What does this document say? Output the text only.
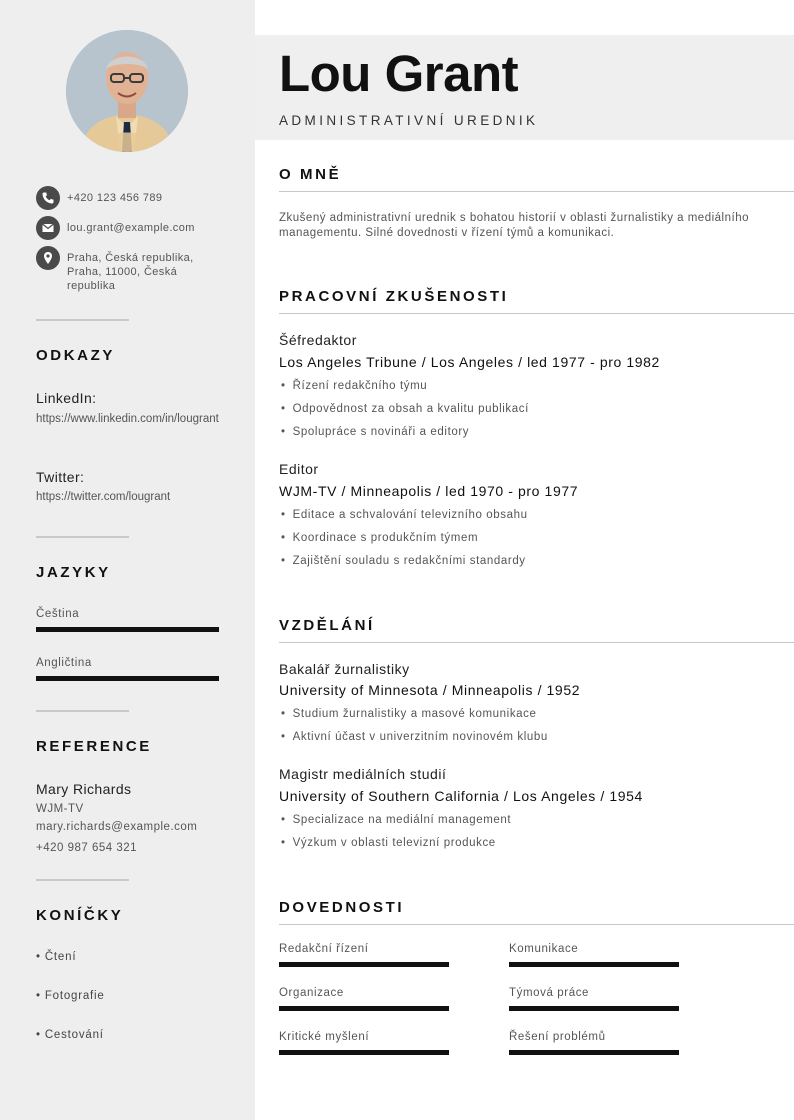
+420 123 456 789
lou.grant@example.com
Praha, Česká republika, Praha, 11000, Česká republika
ODKAZY
LinkedIn:
https://www.linkedin.com/in/lougrant
Twitter:
https://twitter.com/lougrant
JAZYKY
Čeština
Angličtina
REFERENCE
Mary Richards
WJM-TV
mary.richards@example.com
+420 987 654 321
KONÍČKY
• Čtení
• Fotografie
• Cestování
Lou Grant
ADMINISTRATIVNÍ UREDNIK
O MNĚ
Zkušený administrativní urednik s bohatou historií v oblasti žurnalistiky a mediálního managementu. Silné dovednosti v řízení týmů a komunikaci.
PRACOVNÍ ZKUŠENOSTI
Šéfredaktor
Los Angeles Tribune / Los Angeles / led 1977 - pro 1982
• Řízení redakčního týmu
• Odpovědnost za obsah a kvalitu publikací
• Spolupráce s novináři a editory
Editor
WJM-TV / Minneapolis / led 1970 - pro 1977
• Editace a schvalování televizního obsahu
• Koordinace s produkčním týmem
• Zajištění souladu s redakčními standardy
VZDĚLÁNÍ
Bakalář žurnalistiky
University of Minnesota / Minneapolis / 1952
• Studium žurnalistiky a masové komunikace
• Aktivní účast v univerzitním novinovém klubu
Magistr mediálních studií
University of Southern California / Los Angeles / 1954
• Specializace na mediální management
• Výzkum v oblasti televizní produkce
DOVEDNOSTI
Redakční řízení	Komunikace
Organizace	Týmová práce
Kritické myšlení	Řešení problémů
